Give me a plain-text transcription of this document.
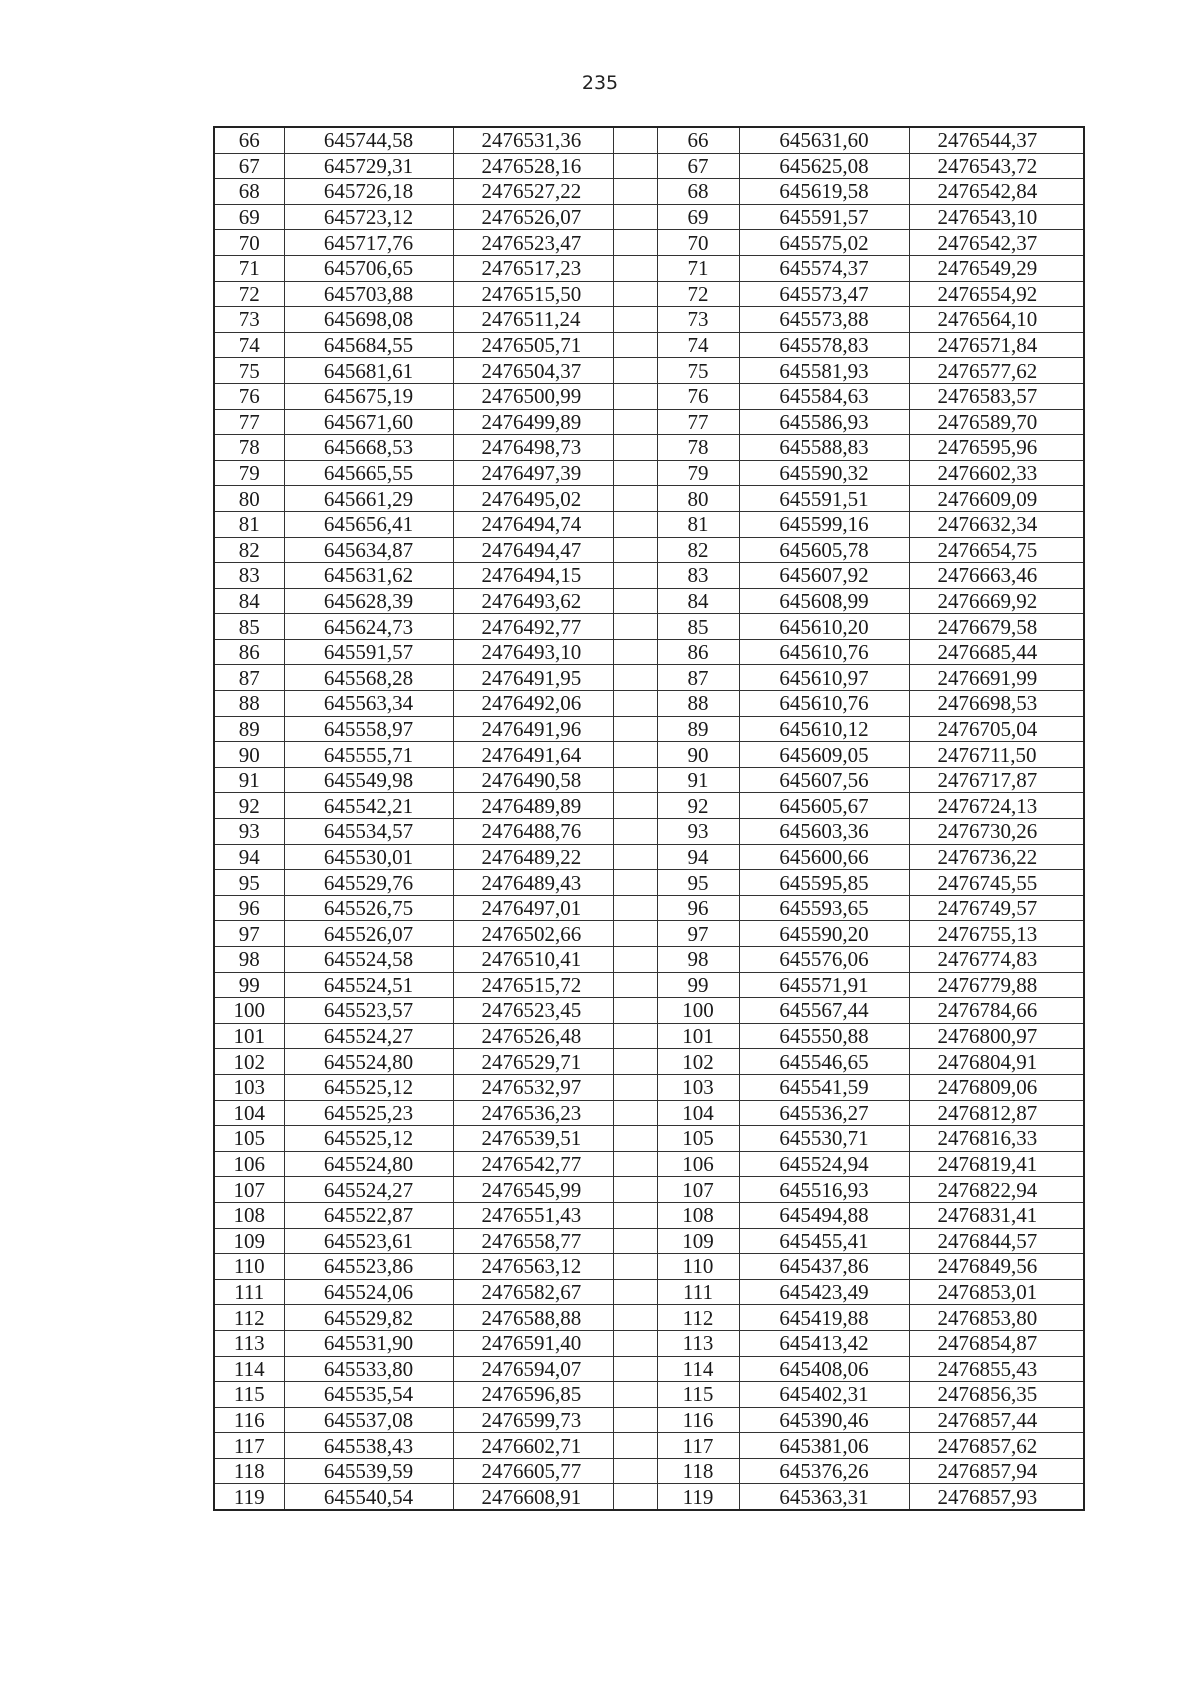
235
66	645744,58	2476531,36		66	645631,60	2476544,37
67	645729,31	2476528,16		67	645625,08	2476543,72
68	645726,18	2476527,22		68	645619,58	2476542,84
69	645723,12	2476526,07		69	645591,57	2476543,10
70	645717,76	2476523,47		70	645575,02	2476542,37
71	645706,65	2476517,23		71	645574,37	2476549,29
72	645703,88	2476515,50		72	645573,47	2476554,92
73	645698,08	2476511,24		73	645573,88	2476564,10
74	645684,55	2476505,71		74	645578,83	2476571,84
75	645681,61	2476504,37		75	645581,93	2476577,62
76	645675,19	2476500,99		76	645584,63	2476583,57
77	645671,60	2476499,89		77	645586,93	2476589,70
78	645668,53	2476498,73		78	645588,83	2476595,96
79	645665,55	2476497,39		79	645590,32	2476602,33
80	645661,29	2476495,02		80	645591,51	2476609,09
81	645656,41	2476494,74		81	645599,16	2476632,34
82	645634,87	2476494,47		82	645605,78	2476654,75
83	645631,62	2476494,15		83	645607,92	2476663,46
84	645628,39	2476493,62		84	645608,99	2476669,92
85	645624,73	2476492,77		85	645610,20	2476679,58
86	645591,57	2476493,10		86	645610,76	2476685,44
87	645568,28	2476491,95		87	645610,97	2476691,99
88	645563,34	2476492,06		88	645610,76	2476698,53
89	645558,97	2476491,96		89	645610,12	2476705,04
90	645555,71	2476491,64		90	645609,05	2476711,50
91	645549,98	2476490,58		91	645607,56	2476717,87
92	645542,21	2476489,89		92	645605,67	2476724,13
93	645534,57	2476488,76		93	645603,36	2476730,26
94	645530,01	2476489,22		94	645600,66	2476736,22
95	645529,76	2476489,43		95	645595,85	2476745,55
96	645526,75	2476497,01		96	645593,65	2476749,57
97	645526,07	2476502,66		97	645590,20	2476755,13
98	645524,58	2476510,41		98	645576,06	2476774,83
99	645524,51	2476515,72		99	645571,91	2476779,88
100	645523,57	2476523,45		100	645567,44	2476784,66
101	645524,27	2476526,48		101	645550,88	2476800,97
102	645524,80	2476529,71		102	645546,65	2476804,91
103	645525,12	2476532,97		103	645541,59	2476809,06
104	645525,23	2476536,23		104	645536,27	2476812,87
105	645525,12	2476539,51		105	645530,71	2476816,33
106	645524,80	2476542,77		106	645524,94	2476819,41
107	645524,27	2476545,99		107	645516,93	2476822,94
108	645522,87	2476551,43		108	645494,88	2476831,41
109	645523,61	2476558,77		109	645455,41	2476844,57
110	645523,86	2476563,12		110	645437,86	2476849,56
111	645524,06	2476582,67		111	645423,49	2476853,01
112	645529,82	2476588,88		112	645419,88	2476853,80
113	645531,90	2476591,40		113	645413,42	2476854,87
114	645533,80	2476594,07		114	645408,06	2476855,43
115	645535,54	2476596,85		115	645402,31	2476856,35
116	645537,08	2476599,73		116	645390,46	2476857,44
117	645538,43	2476602,71		117	645381,06	2476857,62
118	645539,59	2476605,77		118	645376,26	2476857,94
119	645540,54	2476608,91		119	645363,31	2476857,93
